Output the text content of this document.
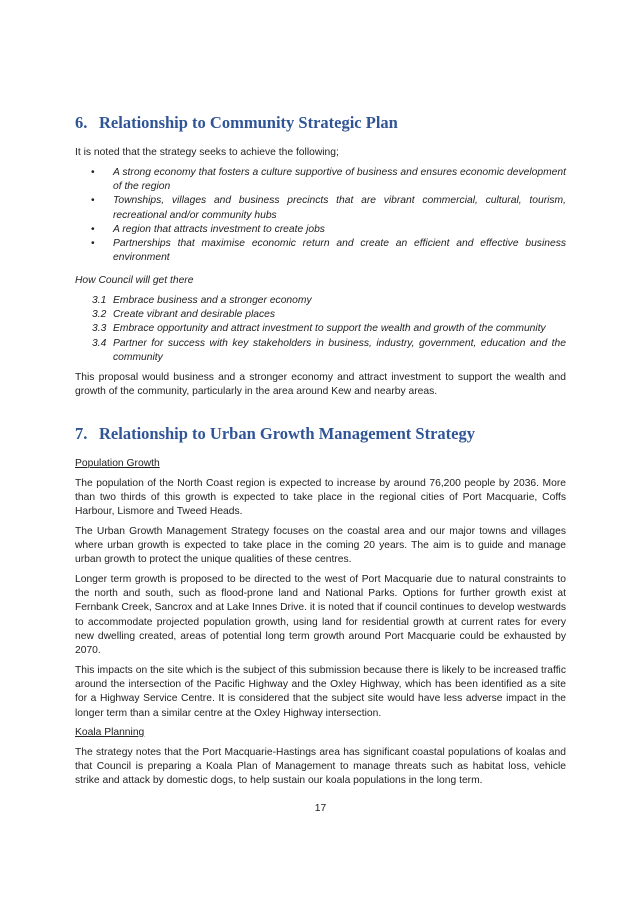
6. Relationship to Community Strategic Plan

It is noted that the strategy seeks to achieve the following;

• A strong economy that fosters a culture supportive of business and ensures economic development of the region
• Townships, villages and business precincts that are vibrant commercial, cultural, tourism, recreational and/or community hubs
• A region that attracts investment to create jobs
• Partnerships that maximise economic return and create an efficient and effective business environment

How Council will get there

3.1 Embrace business and a stronger economy
3.2 Create vibrant and desirable places
3.3 Embrace opportunity and attract investment to support the wealth and growth of the community
3.4 Partner for success with key stakeholders in business, industry, government, education and the community

This proposal would business and a stronger economy and attract investment to support the wealth and growth of the community, particularly in the area around Kew and nearby areas.

7. Relationship to Urban Growth Management Strategy

Population Growth

The population of the North Coast region is expected to increase by around 76,200 people by 2036. More than two thirds of this growth is expected to take place in the regional cities of Port Macquarie, Coffs Harbour, Lismore and Tweed Heads.

The Urban Growth Management Strategy focuses on the coastal area and our major towns and villages where urban growth is expected to take place in the coming 20 years. The aim is to guide and manage urban growth to protect the unique qualities of these centres.

Longer term growth is proposed to be directed to the west of Port Macquarie due to natural constraints to the north and south, such as flood-prone land and National Parks. Options for further growth exist at Fernbank Creek, Sancrox and at Lake Innes Drive. it is noted that if council continues to develop westwards to accommodate projected population growth, using land for residential growth at current rates for every new dwelling created, areas of potential long term growth around Port Macquarie could be exhausted by 2070.

This impacts on the site which is the subject of this submission because there is likely to be increased traffic around the intersection of the Pacific Highway and the Oxley Highway, which has been identified as a site for a Highway Service Centre. It is considered that the subject site would have less adverse impact in the longer term than a similar centre at the Oxley Highway intersection.

Koala Planning

The strategy notes that the Port Macquarie-Hastings area has significant coastal populations of koalas and that Council is preparing a Koala Plan of Management to manage threats such as habitat loss, vehicle strike and attack by domestic dogs, to help sustain our koala populations in the long term.

17
